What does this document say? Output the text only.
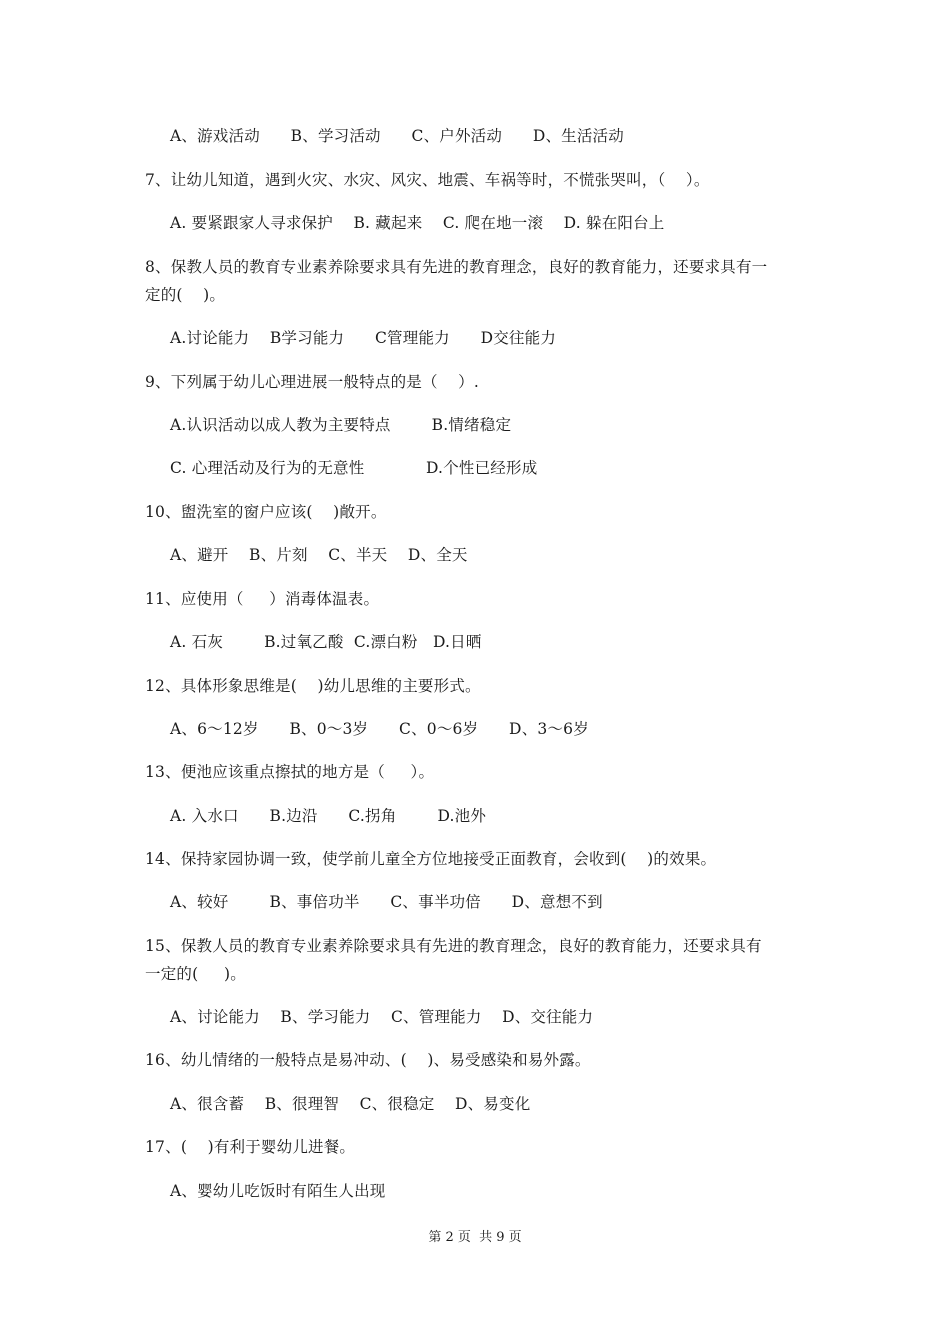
A、游戏活动      B、学习活动      C、户外活动      D、生活活动
7、让幼儿知道，遇到火灾、水灾、风灾、地震、车祸等时，不慌张哭叫，（    ）。
A. 要紧跟家人寻求保护    B. 藏起来    C. 爬在地一滚    D. 躲在阳台上
8、保教人员的教育专业素养除要求具有先进的教育理念，良好的教育能力，还要求具有一
定的(    )。
A.讨论能力    B学习能力      C管理能力      D交往能力
9、下列属于幼儿心理进展一般特点的是（    ）.
A.认识活动以成人教为主要特点        B.情绪稳定
C. 心理活动及行为的无意性            D.个性已经形成
10、盥洗室的窗户应该(    )敞开。
A、避开    B、片刻    C、半天    D、全天
11、应使用（     ）消毒体温表。
A. 石灰        B.过氧乙酸  C.漂白粉   D.日晒
12、具体形象思维是(    )幼儿思维的主要形式。
A、6～12岁      B、0～3岁      C、0～6岁      D、3～6岁
13、便池应该重点擦拭的地方是（     ）。
A. 入水口      B.边沿      C.拐角        D.池外
14、保持家园协调一致，使学前儿童全方位地接受正面教育，会收到(    )的效果。
A、较好        B、事倍功半      C、事半功倍      D、意想不到
15、保教人员的教育专业素养除要求具有先进的教育理念，良好的教育能力，还要求具有
一定的(     )。
A、讨论能力    B、学习能力    C、管理能力    D、交往能力
16、幼儿情绪的一般特点是易冲动、(    )、易受感染和易外露。
A、很含蓄    B、很理智    C、很稳定    D、易变化
17、(    )有利于婴幼儿进餐。
A、婴幼儿吃饭时有陌生人出现
第 2 页  共 9 页
